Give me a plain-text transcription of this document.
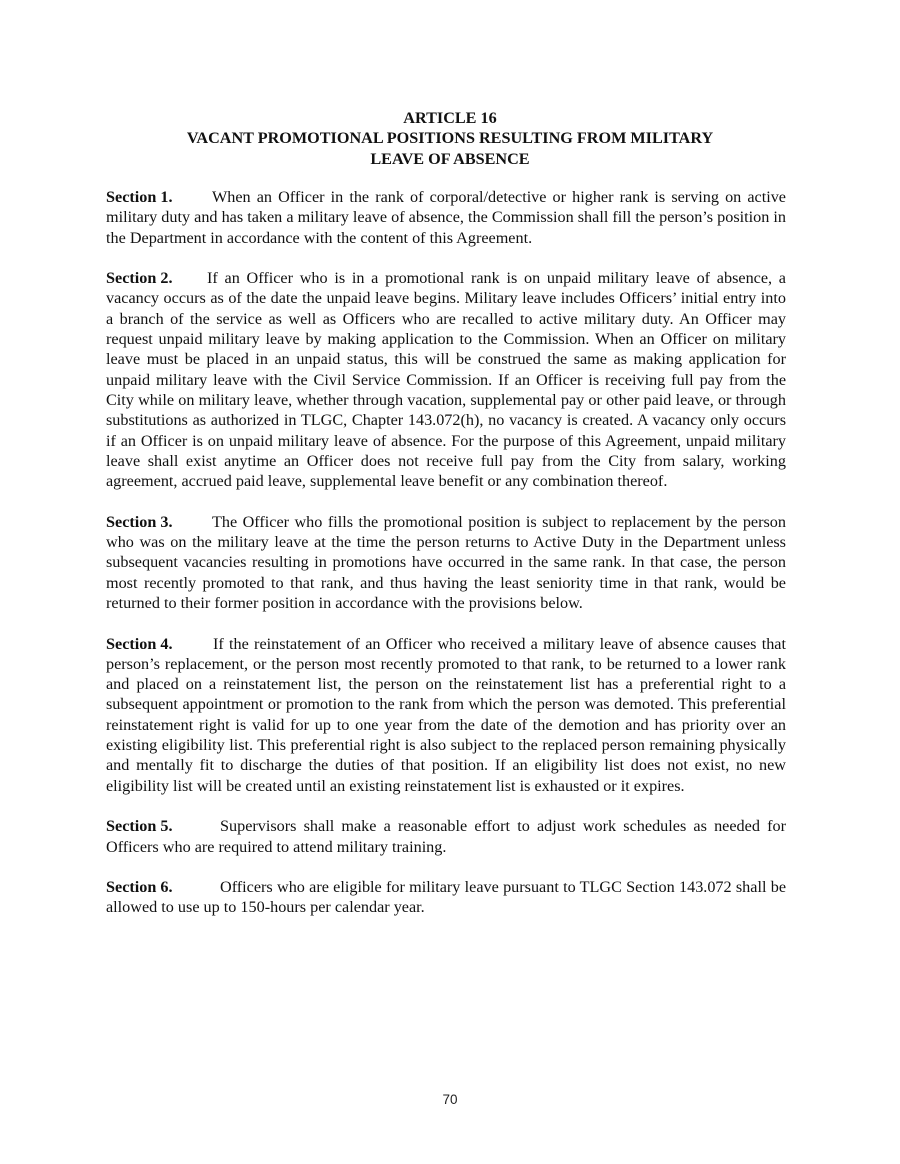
ARTICLE 16
VACANT PROMOTIONAL POSITIONS RESULTING FROM MILITARY
LEAVE OF ABSENCE

Section 1. When an Officer in the rank of corporal/detective or higher rank is serving on active military duty and has taken a military leave of absence, the Commission shall fill the person’s position in the Department in accordance with the content of this Agreement.

Section 2. If an Officer who is in a promotional rank is on unpaid military leave of absence, a vacancy occurs as of the date the unpaid leave begins. Military leave includes Officers’ initial entry into a branch of the service as well as Officers who are recalled to active military duty. An Officer may request unpaid military leave by making application to the Commission. When an Officer on military leave must be placed in an unpaid status, this will be construed the same as making application for unpaid military leave with the Civil Service Commission. If an Officer is receiving full pay from the City while on military leave, whether through vacation, supplemental pay or other paid leave, or through substitutions as authorized in TLGC, Chapter 143.072(h), no vacancy is created. A vacancy only occurs if an Officer is on unpaid military leave of absence. For the purpose of this Agreement, unpaid military leave shall exist anytime an Officer does not receive full pay from the City from salary, working agreement, accrued paid leave, supplemental leave benefit or any combination thereof.

Section 3. The Officer who fills the promotional position is subject to replacement by the person who was on the military leave at the time the person returns to Active Duty in the Department unless subsequent vacancies resulting in promotions have occurred in the same rank. In that case, the person most recently promoted to that rank, and thus having the least seniority time in that rank, would be returned to their former position in accordance with the provisions below.

Section 4. If the reinstatement of an Officer who received a military leave of absence causes that person’s replacement, or the person most recently promoted to that rank, to be returned to a lower rank and placed on a reinstatement list, the person on the reinstatement list has a preferential right to a subsequent appointment or promotion to the rank from which the person was demoted. This preferential reinstatement right is valid for up to one year from the date of the demotion and has priority over an existing eligibility list. This preferential right is also subject to the replaced person remaining physically and mentally fit to discharge the duties of that position. If an eligibility list does not exist, no new eligibility list will be created until an existing reinstatement list is exhausted or it expires.

Section 5.	Supervisors shall make a reasonable effort to adjust work schedules as needed for Officers who are required to attend military training.

Section 6.	Officers who are eligible for military leave pursuant to TLGC Section 143.072 shall be allowed to use up to 150-hours per calendar year.

70
